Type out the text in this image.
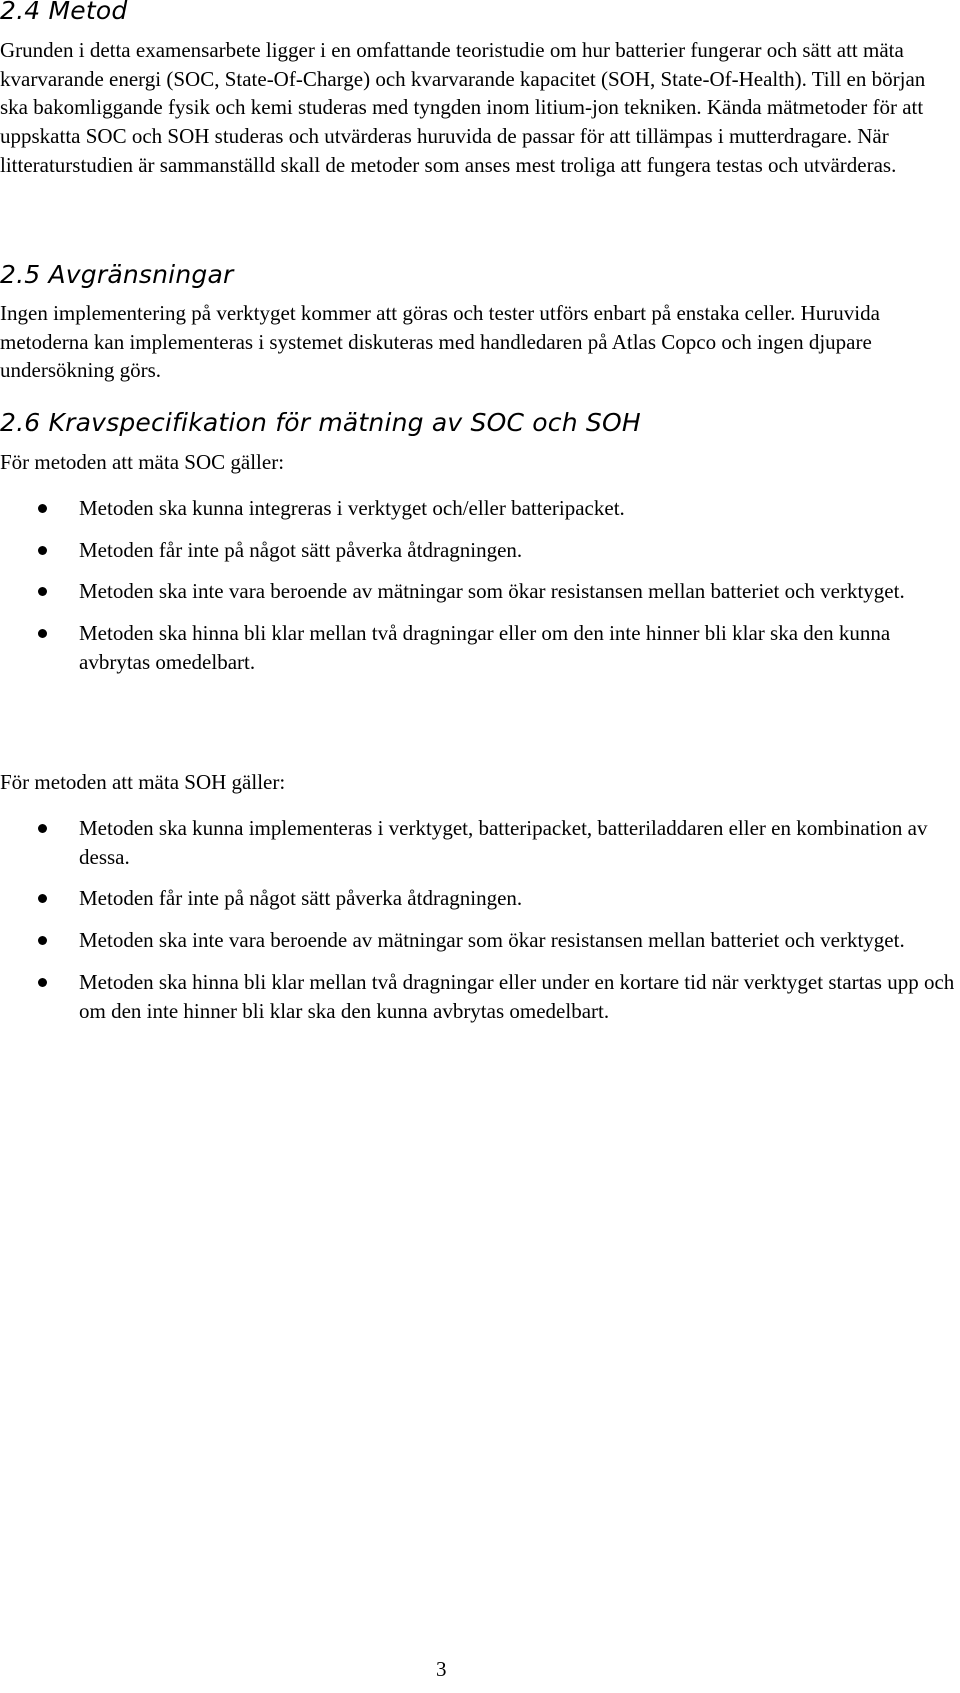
2.4 Metod

Grunden i detta examensarbete ligger i en omfattande teoristudie om hur batterier fungerar och sätt att mäta kvarvarande energi (SOC, State-Of-Charge) och kvarvarande kapacitet (SOH, State-Of-Health). Till en början ska bakomliggande fysik och kemi studeras med tyngden inom litium-jon tekniken. Kända mätmetoder för att uppskatta SOC och SOH studeras och utvärderas huruvida de passar för att tillämpas i mutterdragare. När litteraturstudien är sammanställd skall de metoder som anses mest troliga att fungera testas och utvärderas.

2.5 Avgränsningar

Ingen implementering på verktyget kommer att göras och tester utförs enbart på enstaka celler. Huruvida metoderna kan implementeras i systemet diskuteras med handledaren på Atlas Copco och ingen djupare undersökning görs.

2.6 Kravspecifikation för mätning av SOC och SOH

För metoden att mäta SOC gäller:

Metoden ska kunna integreras i verktyget och/eller batteripacket.
Metoden får inte på något sätt påverka åtdragningen.
Metoden ska inte vara beroende av mätningar som ökar resistansen mellan batteriet och verktyget.
Metoden ska hinna bli klar mellan två dragningar eller om den inte hinner bli klar ska den kunna avbrytas omedelbart.

För metoden att mäta SOH gäller:

Metoden ska kunna implementeras i verktyget, batteripacket, batteriladdaren eller en kombination av dessa.
Metoden får inte på något sätt påverka åtdragningen.
Metoden ska inte vara beroende av mätningar som ökar resistansen mellan batteriet och verktyget.
Metoden ska hinna bli klar mellan två dragningar eller under en kortare tid när verktyget startas upp och om den inte hinner bli klar ska den kunna avbrytas omedelbart.

3
